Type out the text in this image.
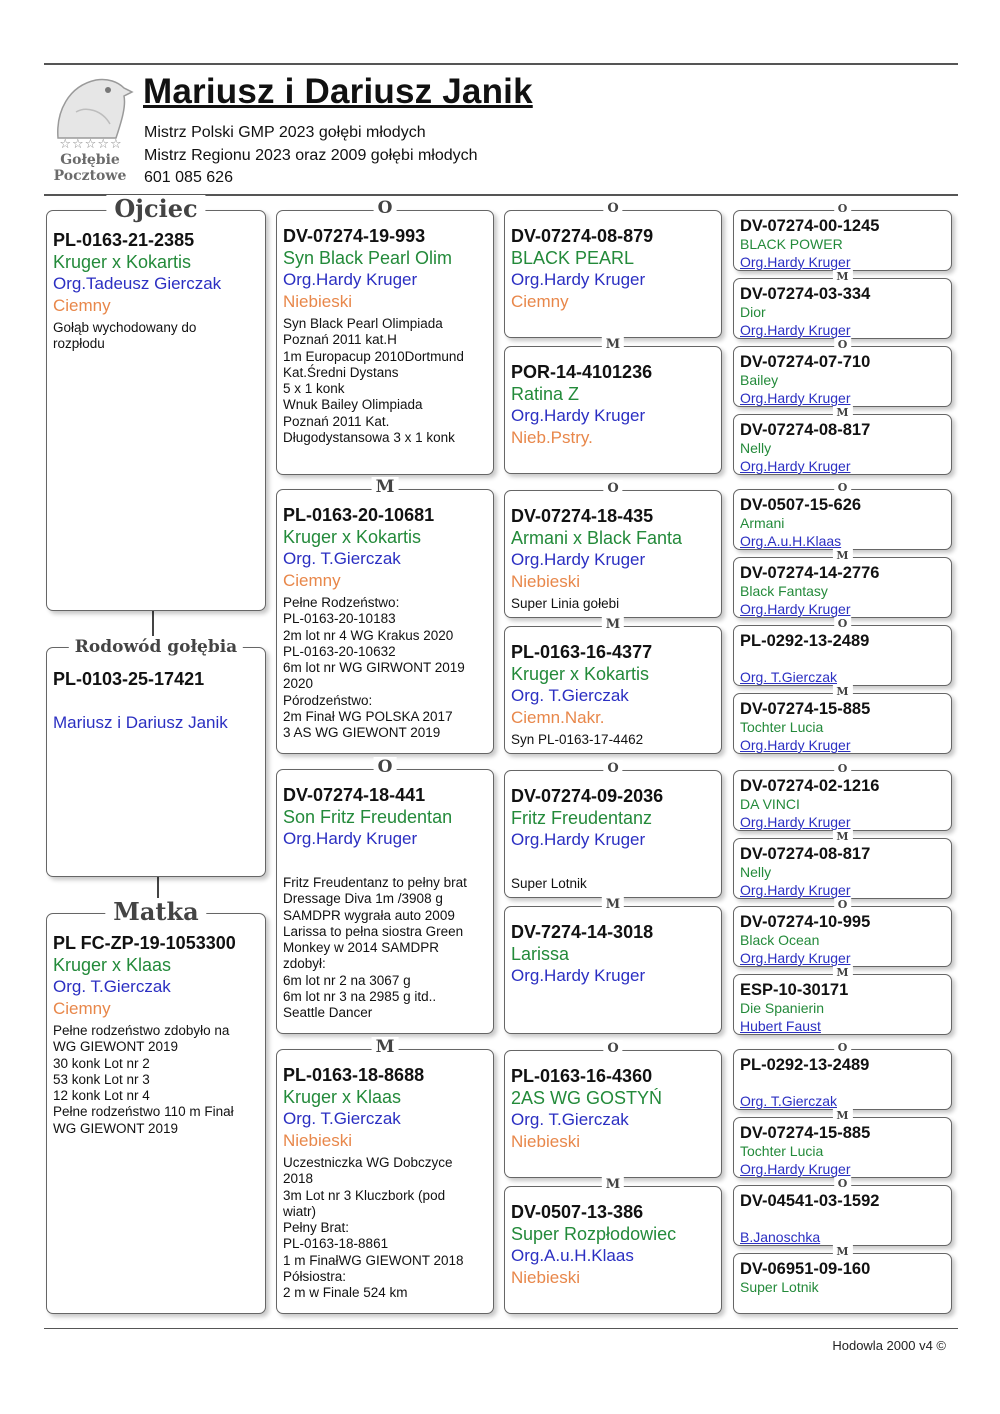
☆☆☆☆☆
Gołębie
Pocztowe
Mariusz i Dariusz Janik
Mistrz Polski GMP 2023 gołębi młodych
Mistrz Regionu 2023 oraz 2009 gołębi młodych
601 085 626
Ojciec
PL-0163-21-2385
Kruger x Kokartis
Org.Tadeusz Gierczak
Ciemny
Gołąb wychodowany do
rozpłodu
Rodowód gołębia
PL-0103-25-17421
Mariusz i Dariusz Janik
Matka
PL FC-ZP-19-1053300
Kruger x Klaas
Org. T.Gierczak
Ciemny
Pełne rodzeństwo zdobyło na
WG GIEWONT 2019
30 konk Lot nr 2
53 konk Lot nr 3
12 konk Lot nr 4
Pełne rodzeństwo 110 m Finał
WG GIEWONT 2019
O
DV-07274-19-993
Syn Black Pearl Olim
Org.Hardy Kruger
Niebieski
Syn Black Pearl Olimpiada
Poznań 2011 kat.H
1m Europacup 2010Dortmund
Kat.Średni Dystans
5 x 1 konk
Wnuk Bailey Olimpiada
Poznań 2011 Kat.
Długodystansowa 3 x 1 konk
M
PL-0163-20-10681
Kruger x Kokartis
Org. T.Gierczak
Ciemny
Pełne Rodzeństwo:
PL-0163-20-10183
2m lot nr 4 WG Krakus 2020
PL-0163-20-10632
6m lot nr WG GIRWONT 2019
2020
Pórodzeństwo:
2m Finał WG POLSKA 2017
3 AS WG GIEWONT 2019
O
DV-07274-18-441
Son Fritz Freudentan
Org.Hardy Kruger
Fritz Freudentanz to pełny brat
Dressage Diva 1m /3908 g
SAMDPR wygrała auto 2009
Larissa to pełna siostra Green
Monkey w 2014 SAMDPR
zdobył:
6m lot nr 2 na 3067 g
6m lot nr 3 na 2985 g itd..
Seattle Dancer
M
PL-0163-18-8688
Kruger x Klaas
Org. T.Gierczak
Niebieski
Uczestniczka WG Dobczyce
2018
3m Lot nr 3 Kluczbork (pod
wiatr)
Pełny Brat:
PL-0163-18-8861
1 m FinałWG GIEWONT 2018
Półsiostra:
2 m w Finale 524 km
O
DV-07274-08-879
BLACK PEARL
Org.Hardy Kruger
Ciemny
M
POR-14-4101236
Ratina Z
Org.Hardy Kruger
Nieb.Pstry.
O
DV-07274-18-435
Armani x Black Fanta
Org.Hardy Kruger
Niebieski
Super Linia gołebi
M
PL-0163-16-4377
Kruger x Kokartis
Org. T.Gierczak
Ciemn.Nakr.
Syn PL-0163-17-4462
O
DV-07274-09-2036
Fritz Freudentanz
Org.Hardy Kruger
Super Lotnik
M
DV-7274-14-3018
Larissa
Org.Hardy Kruger
O
PL-0163-16-4360
2AS WG GOSTYŃ
Org. T.Gierczak
Niebieski
M
DV-0507-13-386
Super Rozpłodowiec
Org.A.u.H.Klaas
Niebieski
O
DV-07274-00-1245
BLACK POWER
Org.Hardy Kruger
M
DV-07274-03-334
Dior
Org.Hardy Kruger
O
DV-07274-07-710
Bailey
Org.Hardy Kruger
M
DV-07274-08-817
Nelly
Org.Hardy Kruger
O
DV-0507-15-626
Armani
Org.A.u.H.Klaas
M
DV-07274-14-2776
Black Fantasy
Org.Hardy Kruger
O
PL-0292-13-2489
Org. T.Gierczak
M
DV-07274-15-885
Tochter Lucia
Org.Hardy Kruger
O
DV-07274-02-1216
DA VINCI
Org.Hardy Kruger
M
DV-07274-08-817
Nelly
Org.Hardy Kruger
O
DV-07274-10-995
Black Ocean
Org.Hardy Kruger
M
ESP-10-30171
Die Spanierin
Hubert Faust
O
PL-0292-13-2489
Org. T.Gierczak
M
DV-07274-15-885
Tochter Lucia
Org.Hardy Kruger
O
DV-04541-03-1592
B.Janoschka
M
DV-06951-09-160
Super Lotnik
Hodowla 2000 v4 ©
